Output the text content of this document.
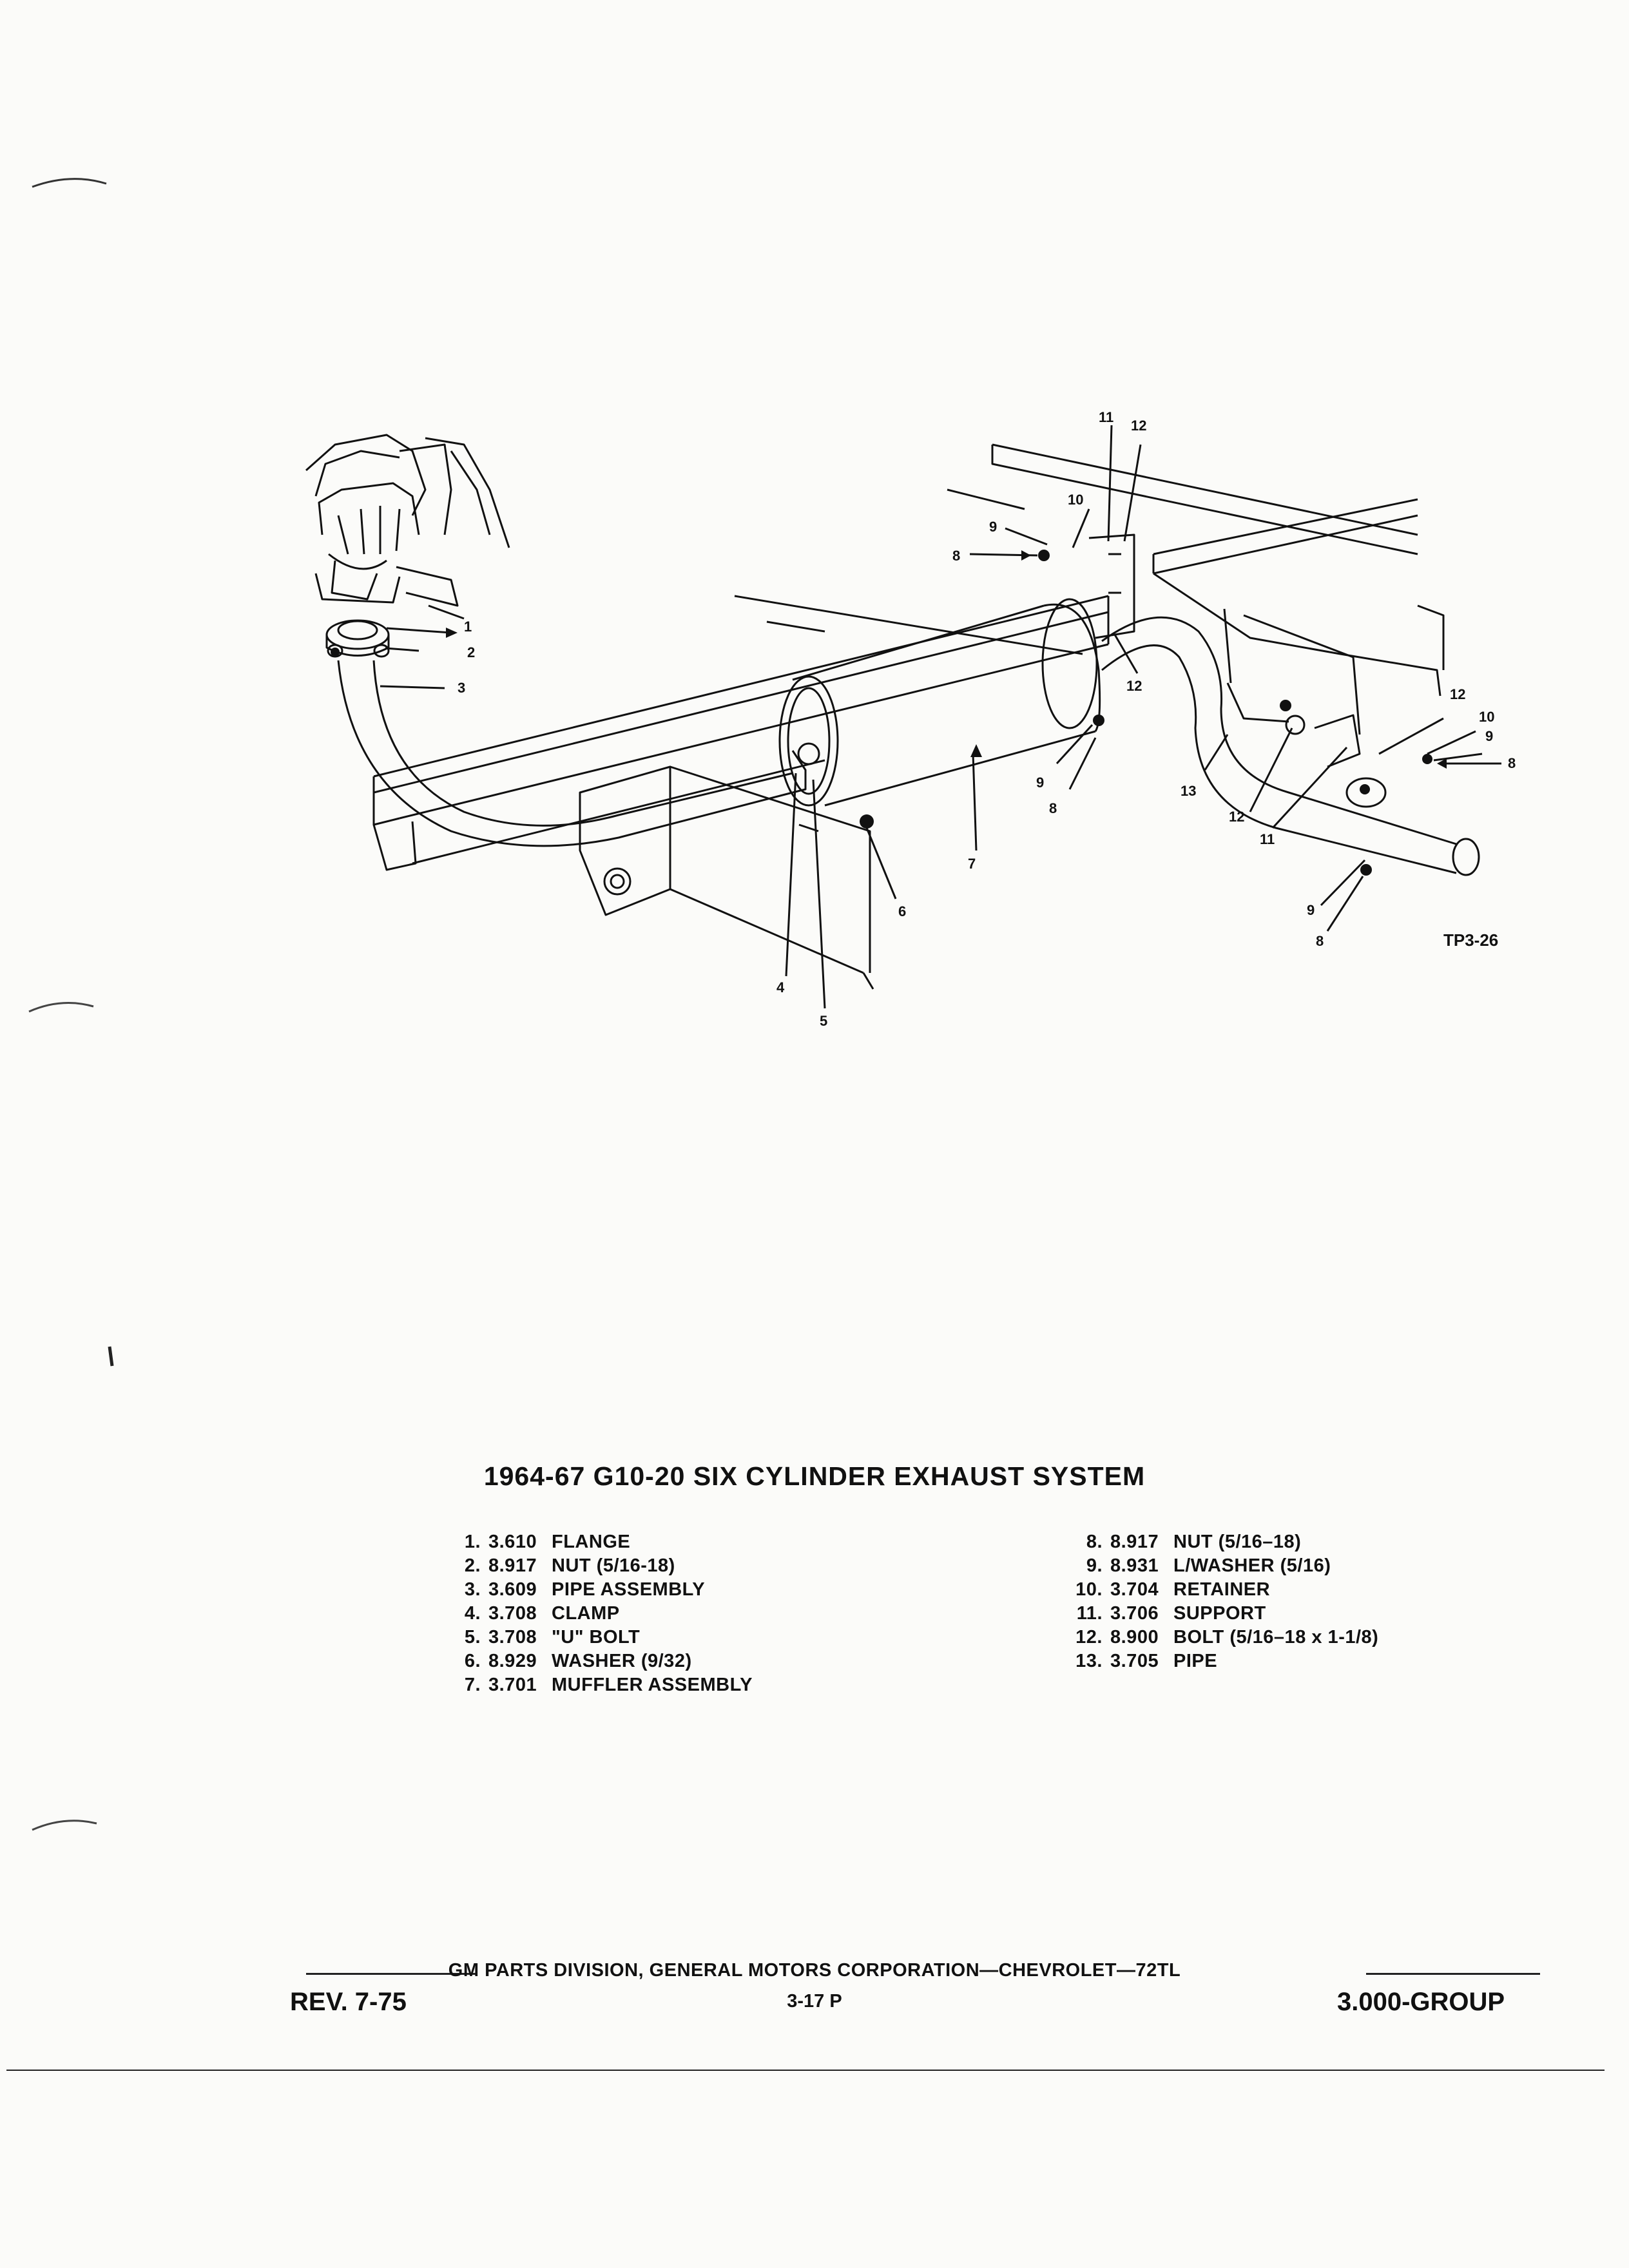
1
2
3
4
5
6
7
8
9
10
11
12
12
9
8
13
12
11
12
10
9
8
9
8	TP3-26
1964-67 G10-20 SIX CYLINDER EXHAUST SYSTEM
1. 3.610 FLANGE
2. 8.917 NUT (5/16-18)
3. 3.609 PIPE ASSEMBLY
4. 3.708 CLAMP
5. 3.708 "U" BOLT
6. 8.929 WASHER (9/32)
7. 3.701 MUFFLER ASSEMBLY
8. 8.917 NUT (5/16–18)
9. 8.931 L/WASHER (5/16)
10. 3.704 RETAINER
11. 3.706 SUPPORT
12. 8.900 BOLT (5/16–18 x 1-1/8)
13. 3.705 PIPE
GM PARTS DIVISION, GENERAL MOTORS CORPORATION—CHEVROLET—72TL
3-17 P
REV. 7-75	3.000-GROUP
